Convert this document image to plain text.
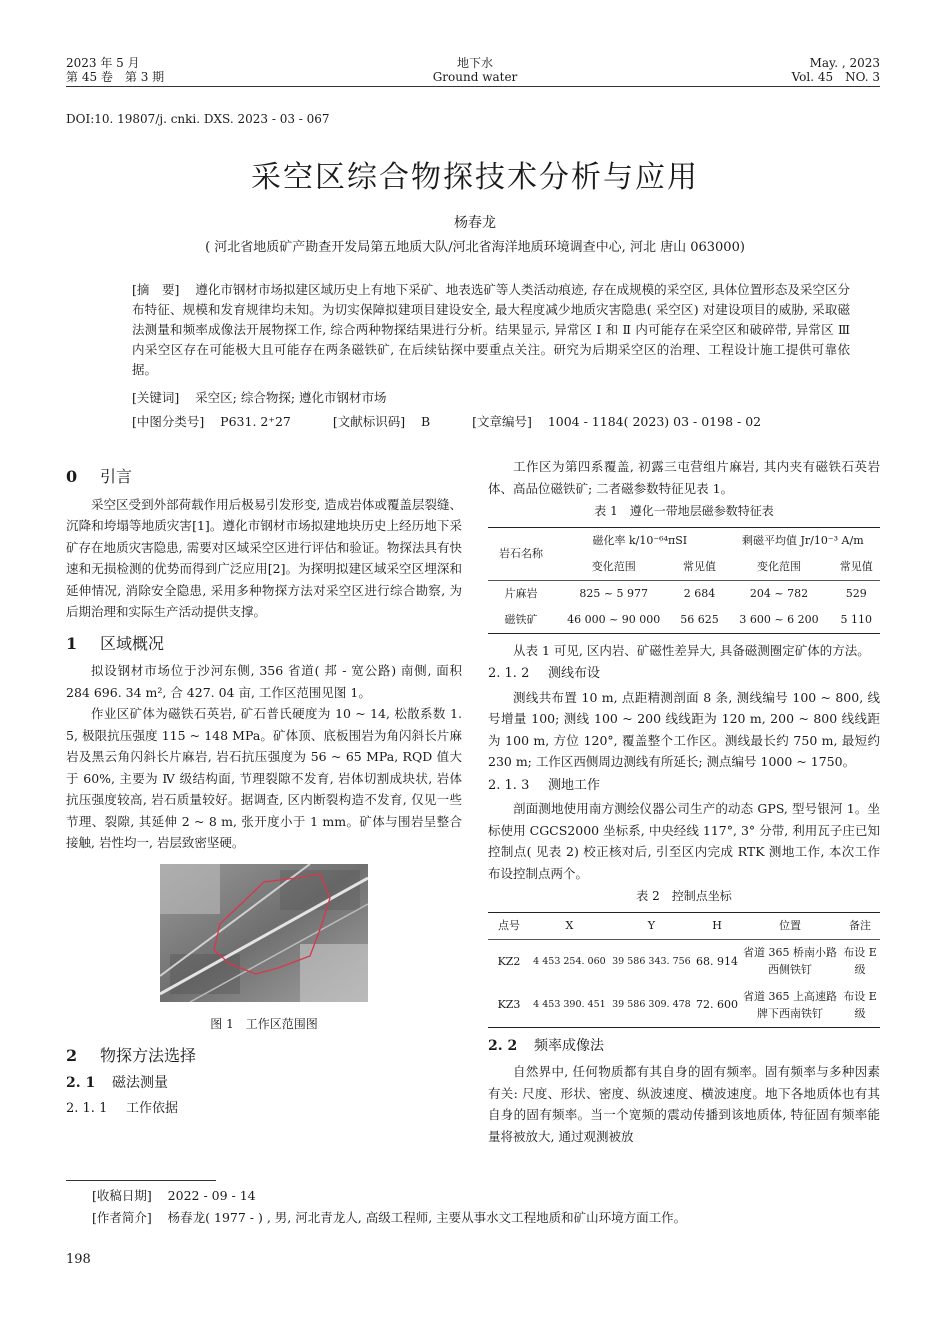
2023 年 5 月
第 45 卷　第 3 期
地下水
Ground water
May. , 2023
Vol. 45　NO. 3
DOI:10. 19807/j. cnki. DXS. 2023 - 03 - 067
采空区综合物探技术分析与应用
杨春龙
( 河北省地质矿产勘查开发局第五地质大队/河北省海洋地质环境调查中心, 河北 唐山 063000)
[摘　要] 遵化市钢材市场拟建区域历史上有地下采矿、地表选矿等人类活动痕迹, 存在成规模的采空区, 具体位置形态及采空区分布特征、规模和发育规律均未知。为切实保障拟建项目建设安全, 最大程度减少地质灾害隐患( 采空区) 对建设项目的威胁, 采取磁法测量和频率成像法开展物探工作, 综合两种物探结果进行分析。结果显示, 异常区 Ⅰ 和 Ⅱ 内可能存在采空区和破碎带, 异常区 Ⅲ 内采空区存在可能极大且可能存在两条磁铁矿, 在后续钻探中要重点关注。研究为后期采空区的治理、工程设计施工提供可靠依据。
[关键词] 采空区; 综合物探; 遵化市钢材市场
[中图分类号] P631. 2⁺27	[文献标识码] B	[文章编号] 1004 - 1184( 2023) 03 - 0198 - 02
0 引言

采空区受到外部荷载作用后极易引发形变, 造成岩体或覆盖层裂缝、沉降和垮塌等地质灾害[1]。遵化市钢材市场拟建地块历史上经历地下采矿存在地质灾害隐患, 需要对区域采空区进行评估和验证。物探法具有快速和无损检测的优势而得到广泛应用[2]。为探明拟建区域采空区埋深和延伸情况, 消除安全隐患, 采用多种物探方法对采空区进行综合勘察, 为后期治理和实际生产活动提供支撑。

1 区域概况

拟设钢材市场位于沙河东侧, 356 省道( 邦 - 宽公路) 南侧, 面积 284 696. 34 m², 合 427. 04 亩, 工作区范围见图 1。

作业区矿体为磁铁石英岩, 矿石普氏硬度为 10 ~ 14, 松散系数 1. 5, 极限抗压强度 115 ~ 148 MPa。矿体顶、底板围岩为角闪斜长片麻岩及黑云角闪斜长片麻岩, 岩石抗压强度为 56 ~ 65 MPa, RQD 值大于 60%, 主要为 Ⅳ 级结构面, 节理裂隙不发育, 岩体切割成块状, 岩体抗压强度较高, 岩石质量较好。据调查, 区内断裂构造不发育, 仅见一些节理、裂隙, 其延伸 2 ~ 8 m, 张开度小于 1 mm。矿体与围岩呈整合接触, 岩性均一, 岩层致密坚硬。

图 1　工作区范围图
2 物探方法选择
2. 1 磁法测量
2. 1. 1 工作依据

工作区为第四系覆盖, 初露三屯营组片麻岩, 其内夹有磁铁石英岩体、高品位磁铁矿; 二者磁参数特征见表 1。

表 1　遵化一带地层磁参数特征表
岩石名称	磁化率 k/10⁻⁶⁴πSI		剩磁平均值 Jr/10⁻³ A/m	
	变化范围	常见值	变化范围	常见值
片麻岩	825 ~ 5 977	2 684	204 ~ 782	529
磁铁矿	46 000 ~ 90 000	56 625	3 600 ~ 6 200	5 110

从表 1 可见, 区内岩、矿磁性差异大, 具备磁测圈定矿体的方法。

2. 1. 2 测线布设

测线共布置 10 m, 点距精测剖面 8 条, 测线编号 100 ~ 800, 线号增量 100; 测线 100 ~ 200 线线距为 120 m, 200 ~ 800 线线距为 100 m, 方位 120°, 覆盖整个工作区。测线最长约 750 m, 最短约 230 m; 工作区西侧周边测线有所延长; 测点编号 1000 ~ 1750。

2. 1. 3 测地工作

剖面测地使用南方测绘仪器公司生产的动态 GPS, 型号银河 1。坐标使用 CGCS2000 坐标系, 中央经线 117°, 3° 分带, 利用瓦子庄已知控制点( 见表 2) 校正核对后, 引至区内完成 RTK 测地工作, 本次工作布设控制点两个。

表 2　控制点坐标
点号	X	Y	H	位置	备注
KZ2	4 453 254. 060	39 586 343. 756	68. 914	省道 365 桥南小路西侧铁钉	布设 E 级
KZ3	4 453 390. 451	39 586 309. 478	72. 600	省道 365 上高速路牌下西南铁钉	布设 E 级
2. 2 频率成像法

自然界中, 任何物质都有其自身的固有频率。固有频率与多种因素有关: 尺度、形状、密度、纵波速度、横波速度。地下各地质体也有其自身的固有频率。当一个宽频的震动传播到该地质体, 特征固有频率能量将被放大, 通过观测被放

[收稿日期] 2022 - 09 - 14
[作者简介] 杨春龙( 1977 - ) , 男, 河北青龙人, 高级工程师, 主要从事水文工程地质和矿山环境方面工作。
198
